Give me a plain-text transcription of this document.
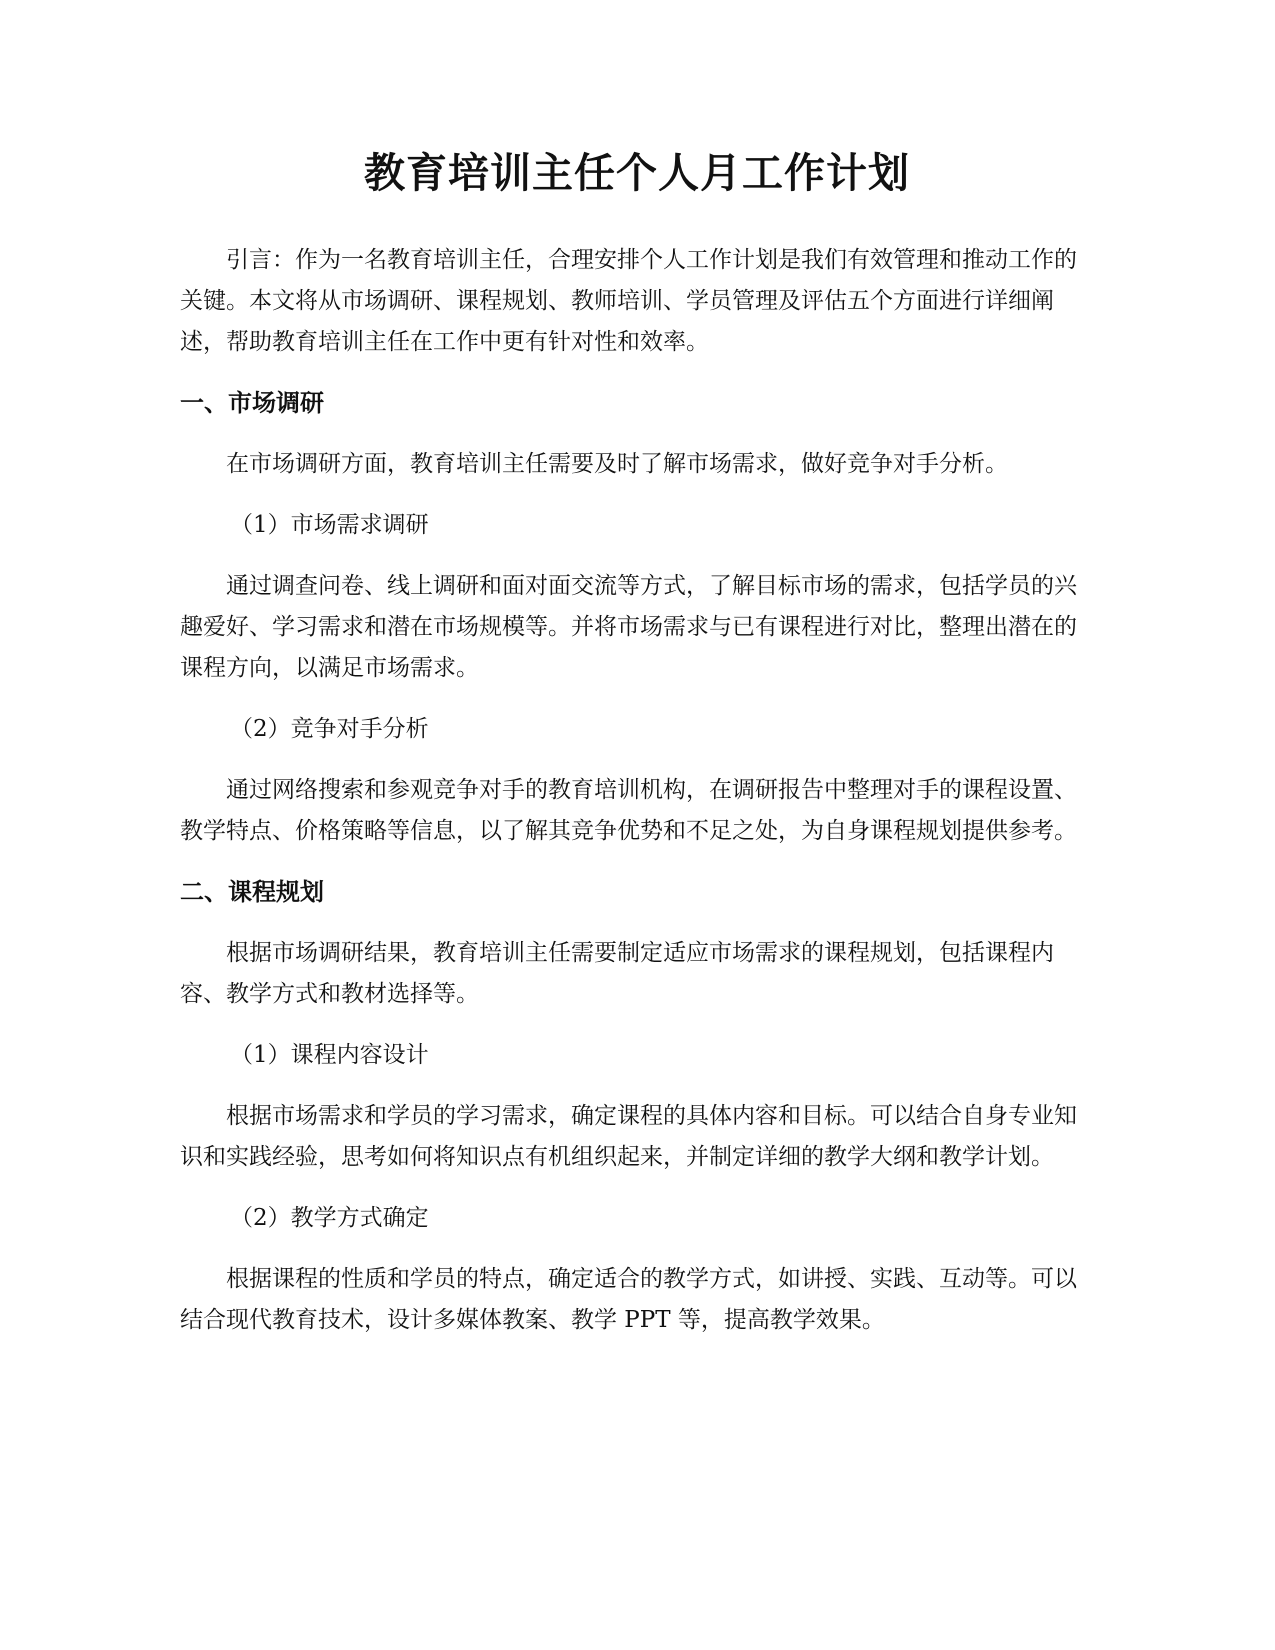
教育培训主任个人月工作计划

引言：作为一名教育培训主任，合理安排个人工作计划是我们有效管理和推动工作的关键。本文将从市场调研、课程规划、教师培训、学员管理及评估五个方面进行详细阐述，帮助教育培训主任在工作中更有针对性和效率。

一、市场调研

在市场调研方面，教育培训主任需要及时了解市场需求，做好竞争对手分析。

（1）市场需求调研

通过调查问卷、线上调研和面对面交流等方式，了解目标市场的需求，包括学员的兴趣爱好、学习需求和潜在市场规模等。并将市场需求与已有课程进行对比，整理出潜在的课程方向，以满足市场需求。

（2）竞争对手分析

通过网络搜索和参观竞争对手的教育培训机构，在调研报告中整理对手的课程设置、教学特点、价格策略等信息，以了解其竞争优势和不足之处，为自身课程规划提供参考。

二、课程规划

根据市场调研结果，教育培训主任需要制定适应市场需求的课程规划，包括课程内容、教学方式和教材选择等。

（1）课程内容设计

根据市场需求和学员的学习需求，确定课程的具体内容和目标。可以结合自身专业知识和实践经验，思考如何将知识点有机组织起来，并制定详细的教学大纲和教学计划。

（2）教学方式确定

根据课程的性质和学员的特点，确定适合的教学方式，如讲授、实践、互动等。可以结合现代教育技术，设计多媒体教案、教学 PPT 等，提高教学效果。
